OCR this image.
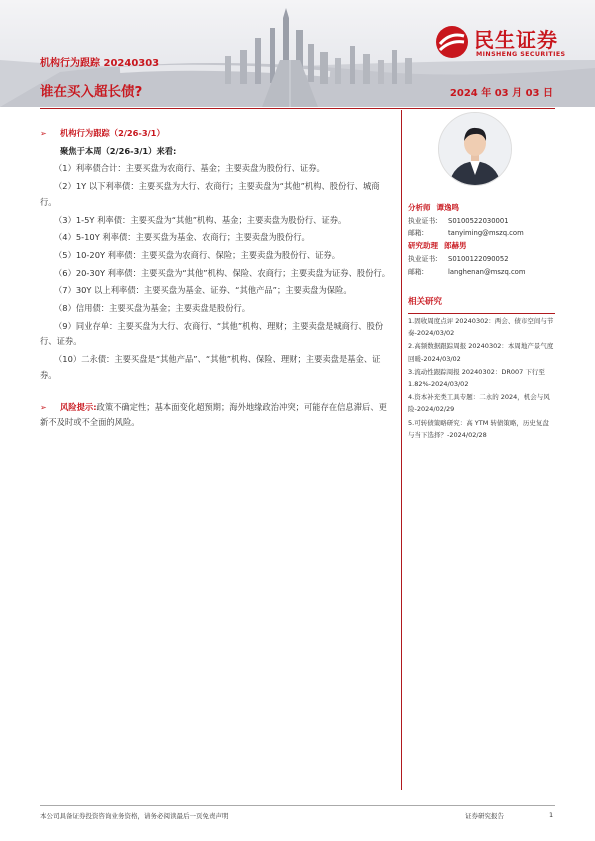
机构行为跟踪 20240303
谁在买入超长债?	2024 年 03 月 03 日
民生证券
MINSHENG SECURITIES
➢ 机构行为跟踪（2/26-3/1）
聚焦于本周（2/26-3/1）来看:
（1）利率债合计：主要买盘为农商行、基金；主要卖盘为股份行、证券。
（2）1Y 以下利率债：主要买盘为大行、农商行；主要卖盘为“其他”机构、股份行、城商行。
（3）1-5Y 利率债：主要买盘为“其他”机构、基金；主要卖盘为股份行、证券。
（4）5-10Y 利率债：主要买盘为基金、农商行；主要卖盘为股份行。
（5）10-20Y 利率债：主要买盘为农商行、保险；主要卖盘为股份行、证券。
（6）20-30Y 利率债：主要买盘为“其他”机构、保险、农商行；主要卖盘为证券、股份行。
（7）30Y 以上利率债：主要买盘为基金、证券、“其他产品”；主要卖盘为保险。
（8）信用债：主要买盘为基金；主要卖盘是股份行。
（9）同业存单：主要买盘为大行、农商行、“其他”机构、理财；主要卖盘是城商行、股份行、证券。
（10）二永债：主要买盘是“其他产品”、“其他”机构、保险、理财；主要卖盘是基金、证券。
➢ 风险提示:政策不确定性；基本面变化超预期；海外地缘政治冲突；可能存在信息滞后、更新不及时或不全面的风险。
分析师 谭逸鸣
执业证书:	S0100522030001
邮箱:	tanyiming@mszq.com
研究助理 郎赫男
执业证书:	S0100122090052
邮箱:	langhenan@mszq.com
相关研究
1.固收周度点评 20240302：两会、债市空间与节奏-2024/03/02
2.高频数据跟踪周报 20240302：本周地产景气度回暖-2024/03/02
3.流动性跟踪周报 20240302：DR007 下行至 1.82%-2024/03/02
4.资本补充类工具专题：二永的 2024，机会与风险-2024/02/29
5.可转债策略研究：高 YTM 转债策略，历史复盘与当下选择？-2024/02/28
本公司具备证券投资咨询业务资格，请务必阅读最后一页免责声明	证券研究报告	1
